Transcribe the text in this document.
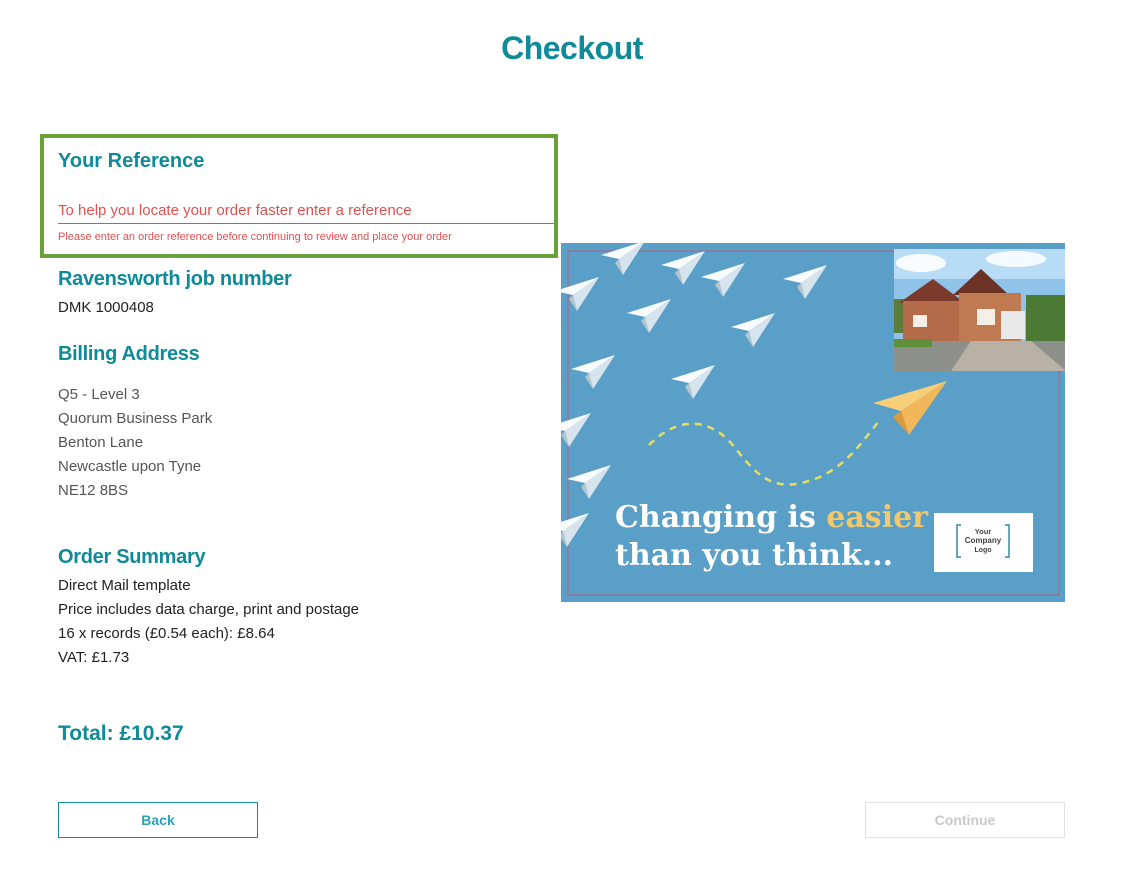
Checkout
Your Reference
To help you locate your order faster enter a reference
Please enter an order reference before continuing to review and place your order
Ravensworth job number
DMK 1000408
Billing Address
Q5 - Level 3
Quorum Business Park
Benton Lane
Newcastle upon Tyne
NE12 8BS
Order Summary
Direct Mail template
Price includes data charge, print and postage
16 x records (£0.54 each): £8.64
VAT: £1.73
Total: £10.37
Back	Continue
Changing is easier
than you think...
Your
Company
Logo
